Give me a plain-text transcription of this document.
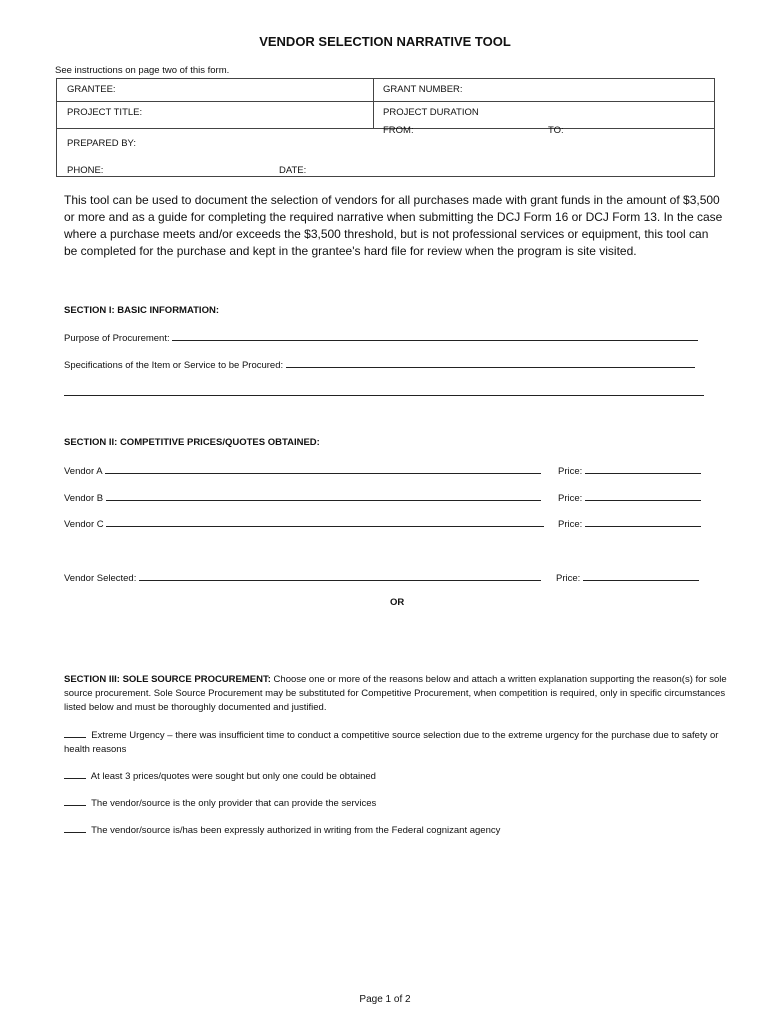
VENDOR SELECTION NARRATIVE TOOL
See instructions on page two of this form.
GRANTEE:	GRANT NUMBER:
PROJECT TITLE:	PROJECT DURATION
FROM:	TO:
PREPARED BY:
PHONE:	DATE:
This tool can be used to document the selection of vendors for all purchases made with grant funds in the amount of $3,500 or more and as a guide for completing the required narrative when submitting the DCJ Form 16 or DCJ Form 13. In the case where a purchase meets and/or exceeds the $3,500 threshold, but is not professional services or equipment, this tool can be completed for the purchase and kept in the grantee's hard file for review when the program is site visited.
SECTION I: BASIC INFORMATION:
Purpose of Procurement:
Specifications of the Item or Service to be Procured:
SECTION II: COMPETITIVE PRICES/QUOTES OBTAINED:
Vendor A	Price:
Vendor B	Price:
Vendor C	Price:
Vendor Selected:	Price:
OR
SECTION III: SOLE SOURCE PROCUREMENT: Choose one or more of the reasons below and attach a written explanation supporting the reason(s) for sole source procurement. Sole Source Procurement may be substituted for Competitive Procurement, when competition is required, only in specific circumstances listed below and must be thoroughly documented and justified.
Extreme Urgency – there was insufficient time to conduct a competitive source selection due to the extreme urgency for the purchase due to safety or health reasons
At least 3 prices/quotes were sought but only one could be obtained
The vendor/source is the only provider that can provide the services
The vendor/source is/has been expressly authorized in writing from the Federal cognizant agency
Page 1 of 2
